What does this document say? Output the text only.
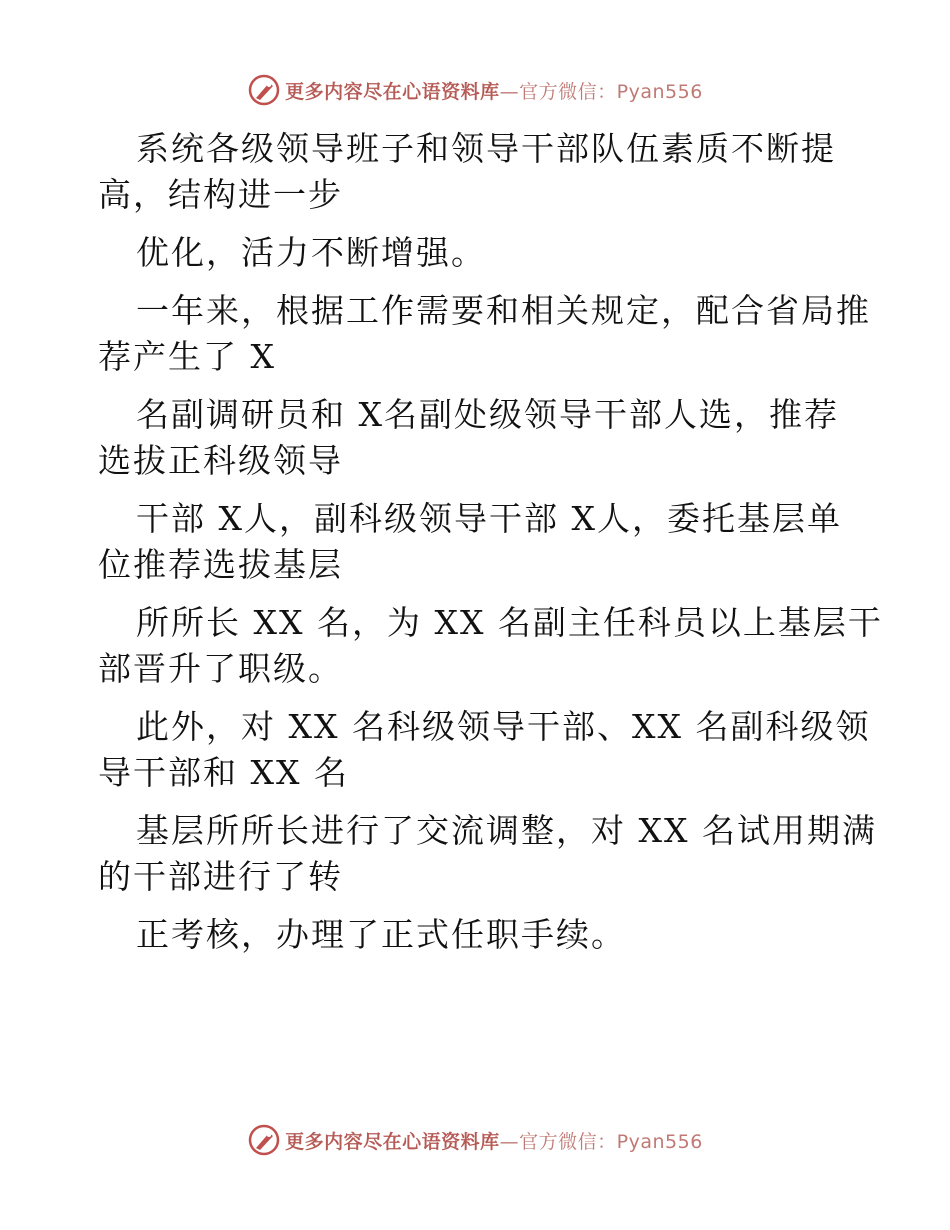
更多内容尽在心语资料库—官方微信：Pyan556
系统各级领导班子和领导干部队伍素质不断提
高，结构进一步
优化，活力不断增强。
一年来，根据工作需要和相关规定，配合省局推
荐产生了 X
名副调研员和 X名副处级领导干部人选，推荐
选拔正科级领导
干部 X人，副科级领导干部 X人，委托基层单
位推荐选拔基层
所所长 XX 名，为 XX 名副主任科员以上基层干
部晋升了职级。
此外，对 XX 名科级领导干部、XX 名副科级领
导干部和 XX 名
基层所所长进行了交流调整，对 XX 名试用期满
的干部进行了转
正考核，办理了正式任职手续。
更多内容尽在心语资料库—官方微信：Pyan556
